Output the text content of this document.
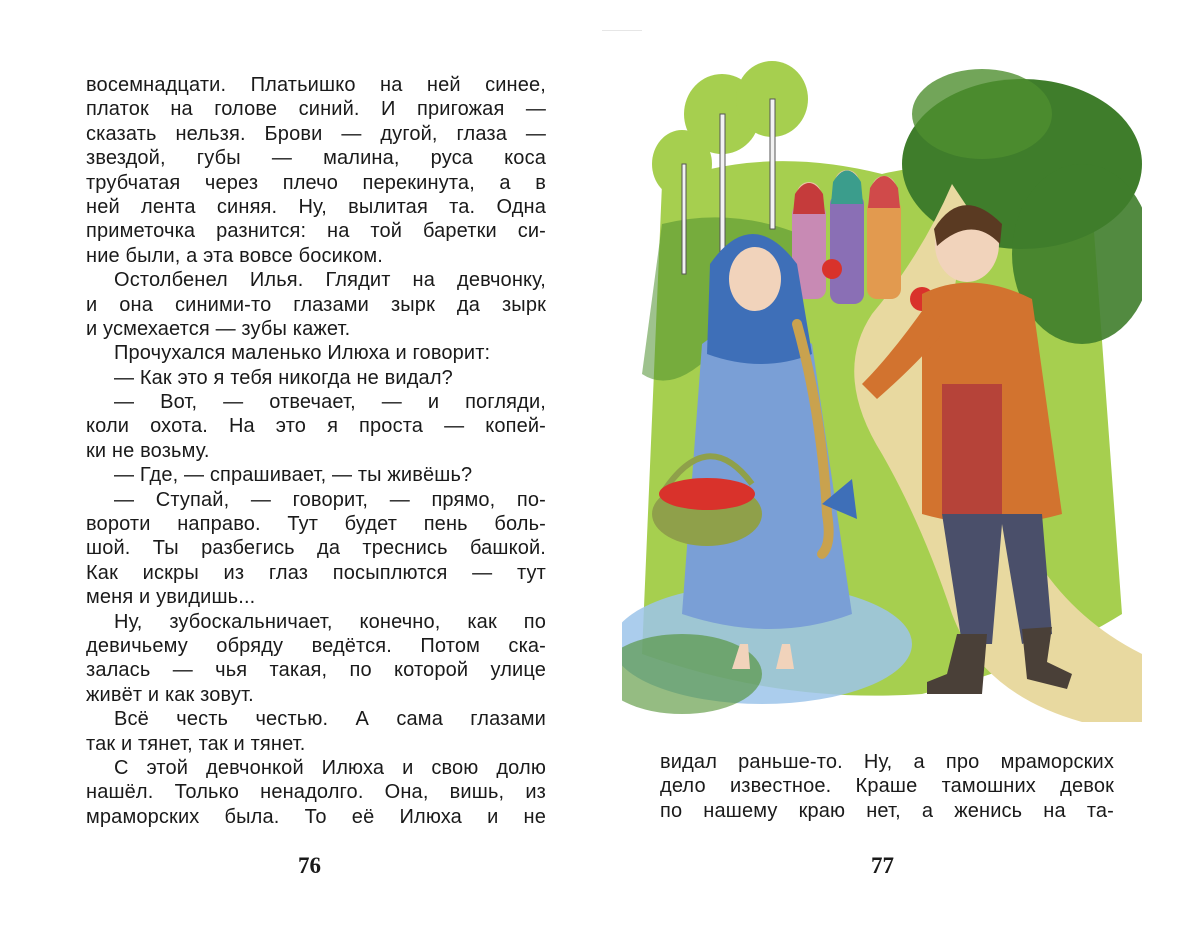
восемнадцати. Платьишко на ней синее,
платок на голове синий. И пригожая —
сказать нельзя. Брови — дугой, глаза —
звездой, губы — малина, руса коса
трубчатая через плечо перекинута, а в
ней лента синяя. Ну, вылитая та. Одна
приметочка разнится: на той баретки си-
ние были, а эта вовсе босиком.
Остолбенел Илья. Глядит на девчонку,
и она синими-то глазами зырк да зырк
и усмехается — зубы кажет.
Прочухался маленько Илюха и говорит:
— Как это я тебя никогда не видал?
— Вот, — отвечает, — и погляди,
коли охота. На это я проста — копей-
ки не возьму.
— Где, — спрашивает, — ты живёшь?
— Ступай, — говорит, — прямо, по-
вороти направо. Тут будет пень боль-
шой. Ты разбегись да треснись башкой.
Как искры из глаз посыплются — тут
меня и увидишь...
Ну, зубоскальничает, конечно, как по
девичьему обряду ведётся. Потом ска-
залась — чья такая, по которой улице
живёт и как зовут.
Всё честь честью. А сама глазами
так и тянет, так и тянет.
С этой девчонкой Илюха и свою долю
нашёл. Только ненадолго. Она, вишь, из
мраморских была. То её Илюха и не
76	77
видал раньше-то. Ну, а про мраморских
дело известное. Краше тамошних девок
по нашему краю нет, а женись на та-
